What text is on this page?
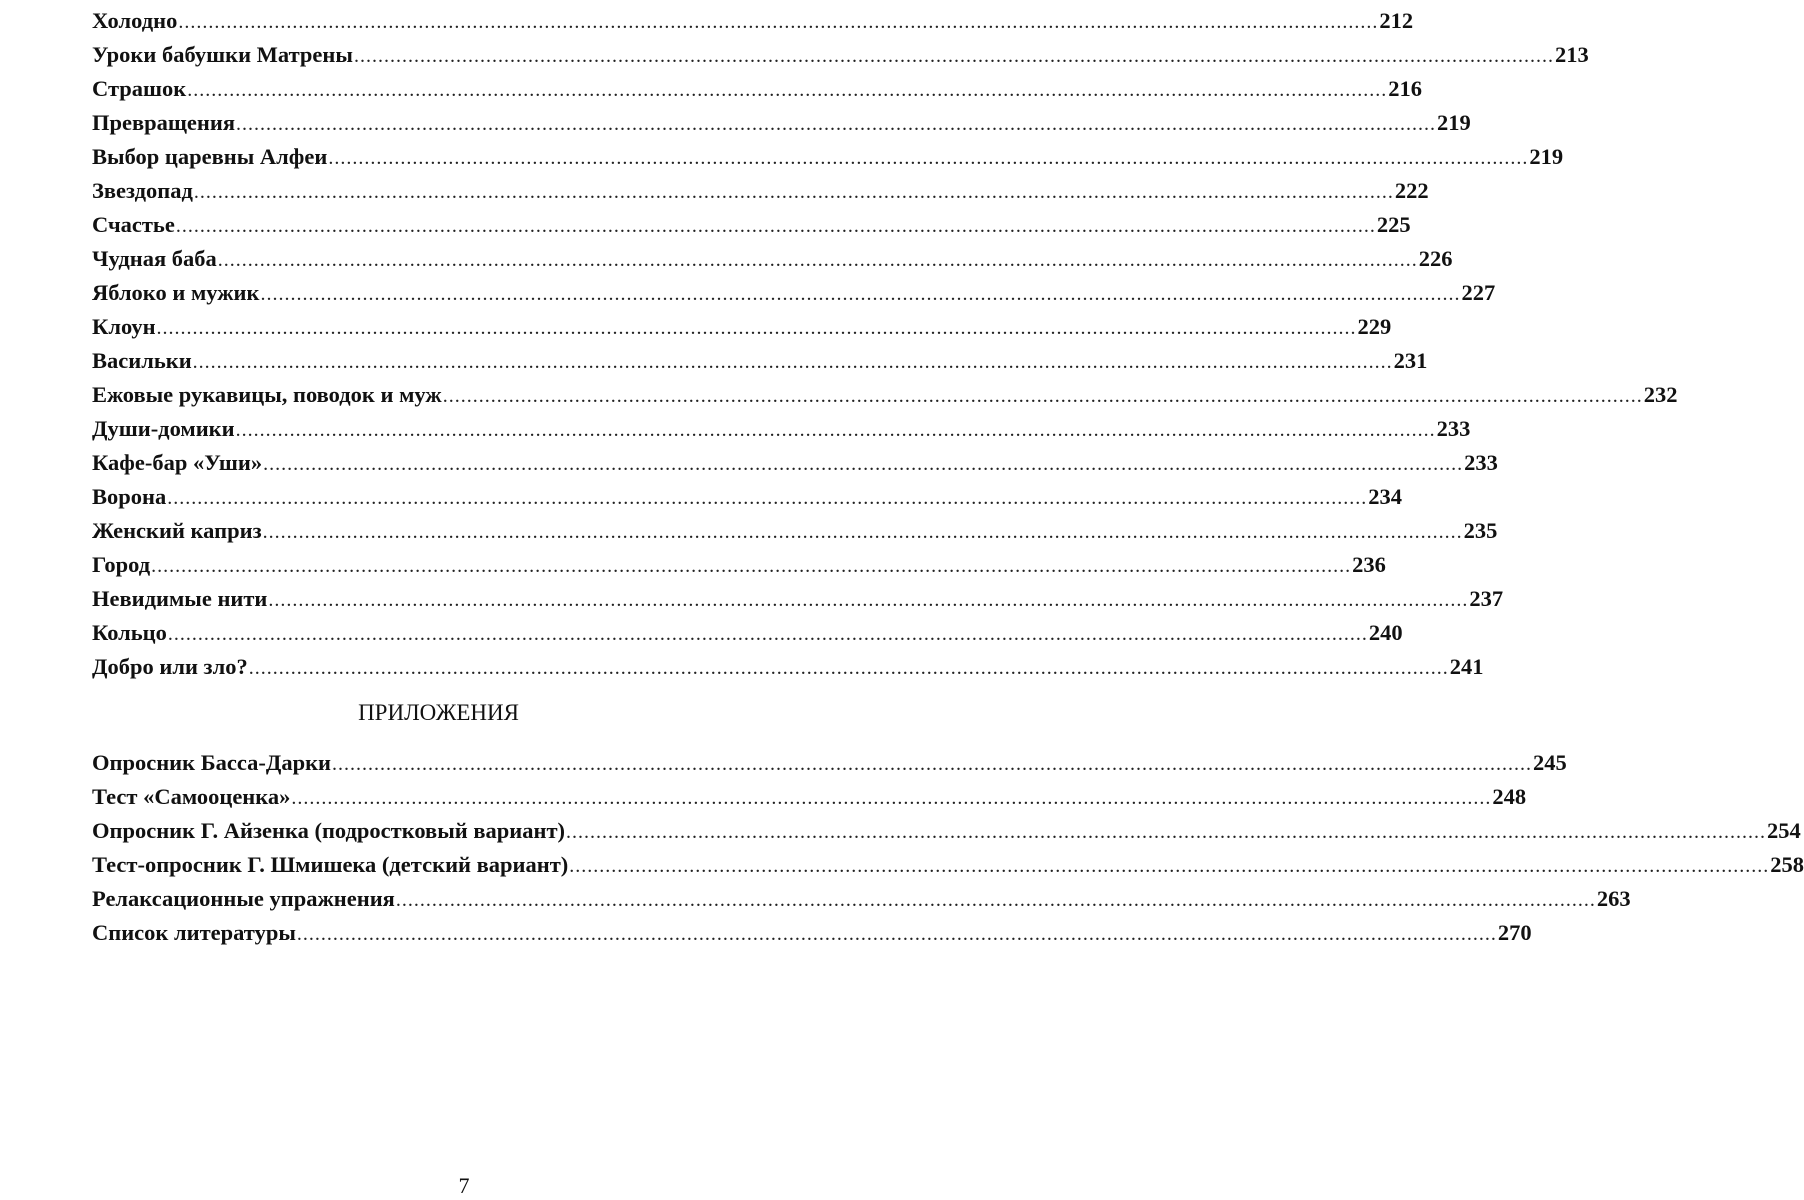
Холодно ........................................................................................................................................................................................................ 212
Уроки бабушки Матрены ........................................................................................................................................................................................................ 213
Страшок ........................................................................................................................................................................................................ 216
Превращения ........................................................................................................................................................................................................ 219
Выбор царевны Алфеи ........................................................................................................................................................................................................ 219
Звездопад ........................................................................................................................................................................................................ 222
Счастье ........................................................................................................................................................................................................ 225
Чудная баба ........................................................................................................................................................................................................ 226
Яблоко и мужик ........................................................................................................................................................................................................ 227
Клоун ........................................................................................................................................................................................................ 229
Васильки ........................................................................................................................................................................................................ 231
Ежовые рукавицы, поводок и муж ........................................................................................................................................................................................................ 232
Души-домики ........................................................................................................................................................................................................ 233
Кафе-бар «Уши» ........................................................................................................................................................................................................ 233
Ворона ........................................................................................................................................................................................................ 234
Женский каприз ........................................................................................................................................................................................................ 235
Город ........................................................................................................................................................................................................ 236
Невидимые нити ........................................................................................................................................................................................................ 237
Кольцо ........................................................................................................................................................................................................ 240
Добро или зло? ........................................................................................................................................................................................................ 241
ПРИЛОЖЕНИЯ
Опросник Басса-Дарки ........................................................................................................................................................................................................ 245
Тест «Самооценка» ........................................................................................................................................................................................................ 248
Опросник Г. Айзенка (подростковый вариант) ........................................................................................................................................................................................................ 254
Тест-опросник Г. Шмишека (детский вариант) ........................................................................................................................................................................................................ 258
Релаксационные упражнения ........................................................................................................................................................................................................ 263
Список литературы ........................................................................................................................................................................................................ 270
7
